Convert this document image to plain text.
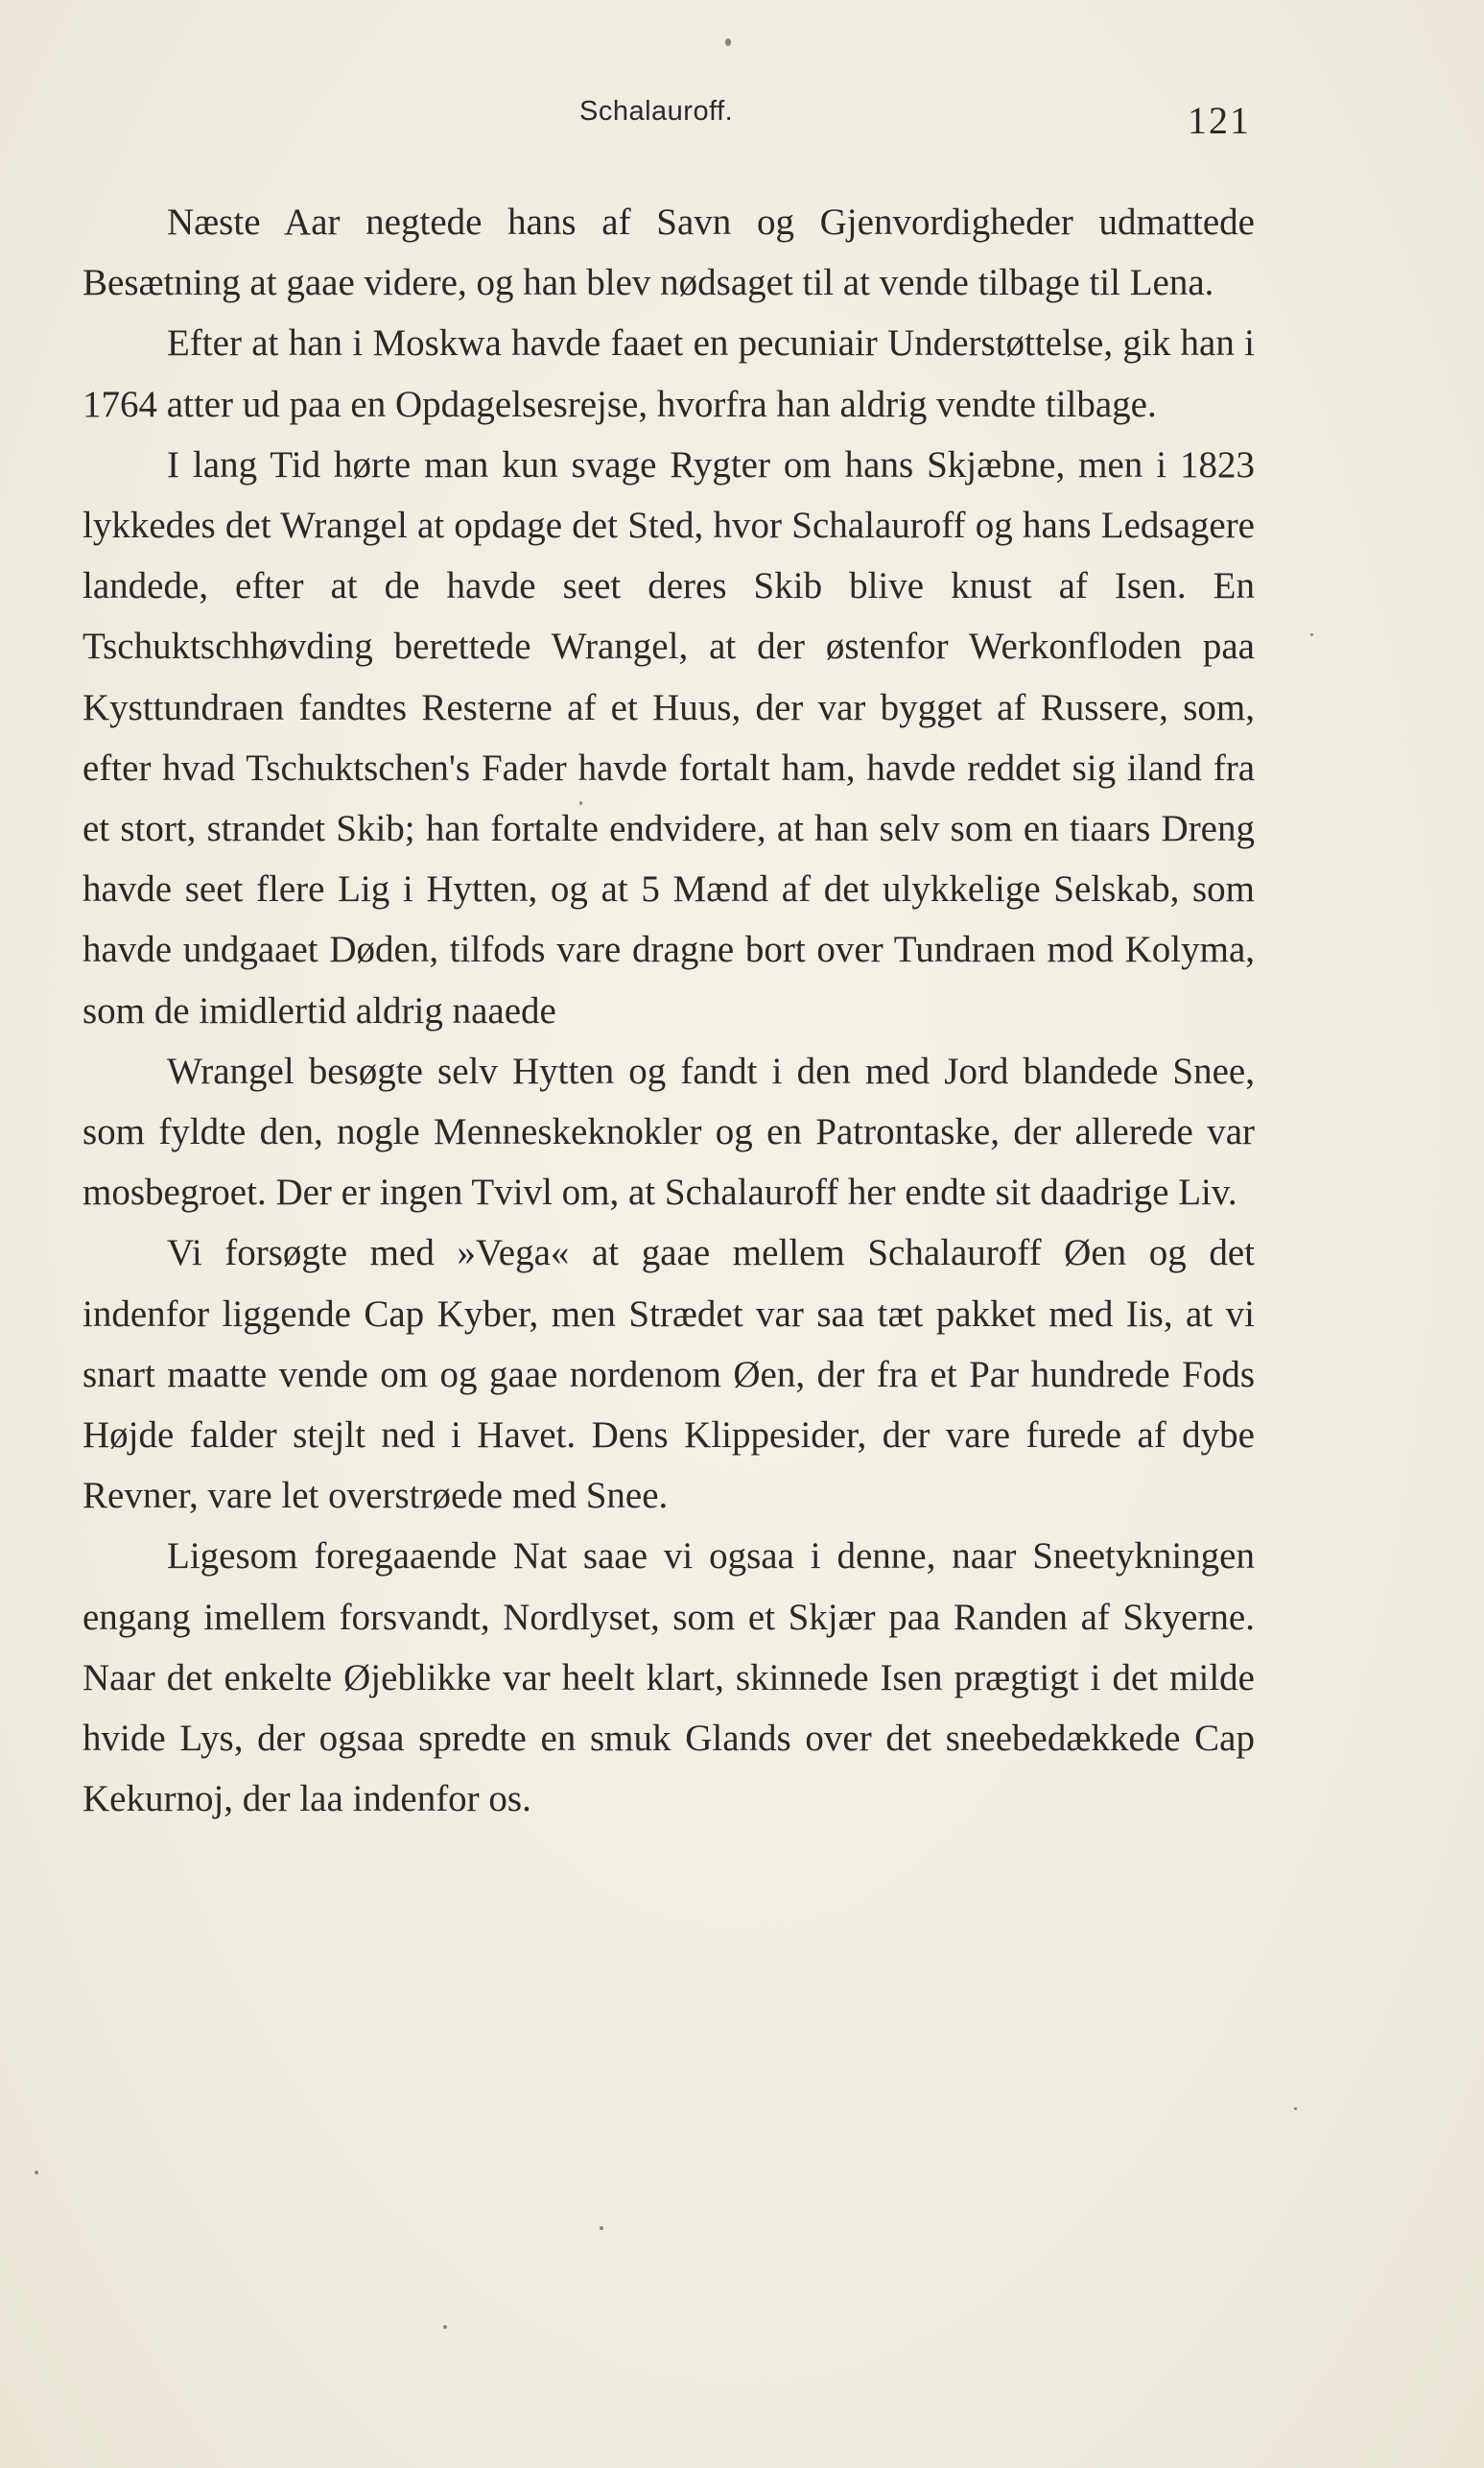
Schalauroff.	121

Næste Aar negtede hans af Savn og Gjenvordigheder udmattede Besætning at gaae videre, og han blev nødsaget til at vende tilbage til Lena.

Efter at han i Moskwa havde faaet en pecuniair Understøttelse, gik han i 1764 atter ud paa en Opdagelsesrejse, hvorfra han aldrig vendte tilbage.

I lang Tid hørte man kun svage Rygter om hans Skjæbne, men i 1823 lykkedes det Wrangel at opdage det Sted, hvor Schalauroff og hans Ledsagere landede, efter at de havde seet deres Skib blive knust af Isen. En Tschuktschhøvding berettede Wrangel, at der østenfor Werkonfloden paa Kysttundraen fandtes Resterne af et Huus, der var bygget af Russere, som, efter hvad Tschuktschen's Fader havde fortalt ham, havde reddet sig iland fra et stort, strandet Skib; han fortalte endvidere, at han selv som en tiaars Dreng havde seet flere Lig i Hytten, og at 5 Mænd af det ulykkelige Selskab, som havde undgaaet Døden, tilfods vare dragne bort over Tundraen mod Kolyma, som de imidlertid aldrig naaede

Wrangel besøgte selv Hytten og fandt i den med Jord blandede Snee, som fyldte den, nogle Menneskeknokler og en Patrontaske, der allerede var mosbegroet. Der er ingen Tvivl om, at Schalauroff her endte sit daadrige Liv.

Vi forsøgte med »Vega« at gaae mellem Schalauroff Øen og det indenfor liggende Cap Kyber, men Strædet var saa tæt pakket med Iis, at vi snart maatte vende om og gaae nordenom Øen, der fra et Par hundrede Fods Højde falder stejlt ned i Havet. Dens Klippesider, der vare furede af dybe Revner, vare let overstrøede med Snee.

Ligesom foregaaende Nat saae vi ogsaa i denne, naar Sneetykningen engang imellem forsvandt, Nordlyset, som et Skjær paa Randen af Skyerne. Naar det enkelte Øjeblikke var heelt klart, skinnede Isen prægtigt i det milde hvide Lys, der ogsaa spredte en smuk Glands over det sneebedækkede Cap Kekurnoj, der laa indenfor os.
